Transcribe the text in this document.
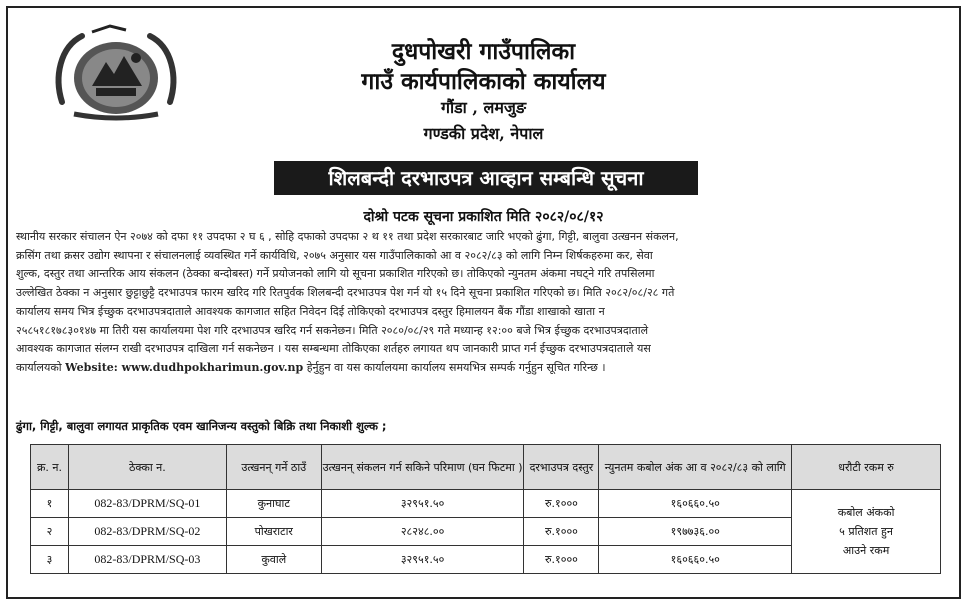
दुधपोखरी गाउँपालिका
गाउँ कार्यपालिकाको कार्यालय
गौंडा , लमजुङ
गण्डकी प्रदेश, नेपाल
शिलबन्दी दरभाउपत्र आव्हान सम्बन्धि सूचना
दोश्रो पटक सूचना प्रकाशित मिति २०८२/०८/१२
स्थानीय सरकार संचालन ऐन २०७४ को दफा ११ उपदफा २ घ ६ , सोहि दफाको उपदफा २ थ ११ तथा प्रदेश सरकारबाट जारि भएको ढुंगा, गिट्टी, बालुवा उत्खनन संकलन,
क्रसिंग तथा क्रसर उद्योग स्थापना र संचालनलाई व्यवस्थित गर्ने कार्यविधि, २०७५ अनुसार यस गाउँपालिकाको आ व २०८२/८३ को लागि निम्न शिर्षकहरुमा कर, सेवा
शुल्क, दस्तुर तथा आन्तरिक आय संकलन (ठेक्का बन्दोबस्त) गर्ने प्रयोजनको लागि यो सूचना प्रकाशित गरिएको छ। तोकिएको न्युनतम अंकमा नघट्ने गरि तपसिलमा
उल्लेखित ठेक्का न अनुसार छुट्टाछुट्टै दरभाउपत्र फारम खरिद गरि रितपुर्वक शिलबन्दी दरभाउपत्र पेश गर्न यो १५ दिने सूचना प्रकाशित गरिएको छ। मिति २०८२/०८/२८ गते
कार्यालय समय भित्र ईच्छुक दरभाउपत्रदाताले आवश्यक कागजात सहित निवेदन दिई तोकिएको दरभाउपत्र दस्तुर हिमालयन बैंक गौंडा शाखाको खाता न
२५८५१८१७८३०१४७ मा तिरी यस कार्यालयमा पेश गरि दरभाउपत्र खरिद गर्न सकनेछन। मिति २०८०/०८/२९ गते मध्यान्ह १२:०० बजे भित्र ईच्छुक दरभाउपत्रदाताले
आवश्यक कागजात संलग्न राखी दरभाउपत्र दाखिला गर्न सकनेछन । यस सम्बन्धमा तोकिएका शर्तहरु लगायत थप जानकारी प्राप्त गर्न ईच्छुक दरभाउपत्रदाताले यस
कार्यालयको Website: www.dudhpokharimun.gov.np हेर्नुहुन वा यस कार्यालयमा कार्यालय समयभित्र सम्पर्क गर्नुहुन सूचित गरिन्छ ।
ढुंगा, गिट्टी, बालुवा लगायत प्राकृतिक एवम खानिजन्य वस्तुको बिक्रि तथा निकाशी शुल्क ;
क्र. न.	ठेक्का न.	उत्खनन् गर्ने ठाउँ	उत्खनन् संकलन गर्न सकिने परिमाण (घन फिटमा )	दरभाउपत्र दस्तुर	न्युनतम कबोल अंक आ व २०८२/८३ को लागि	धरौटी रकम रु
१	082-83/DPRM/SQ-01	कुनाघाट	३२९५१.५०	रु.१०००	१६०६६०.५०	कबोल अंकको
५ प्रतिशत हुन
आउने रकम

२	082-83/DPRM/SQ-02	पोखराटार	२८२४८.००	रु.१०००	१९७७३६.००	
३	082-83/DPRM/SQ-03	कुवाले	३२९५१.५०	रु.१०००	१६०६६०.५०	
